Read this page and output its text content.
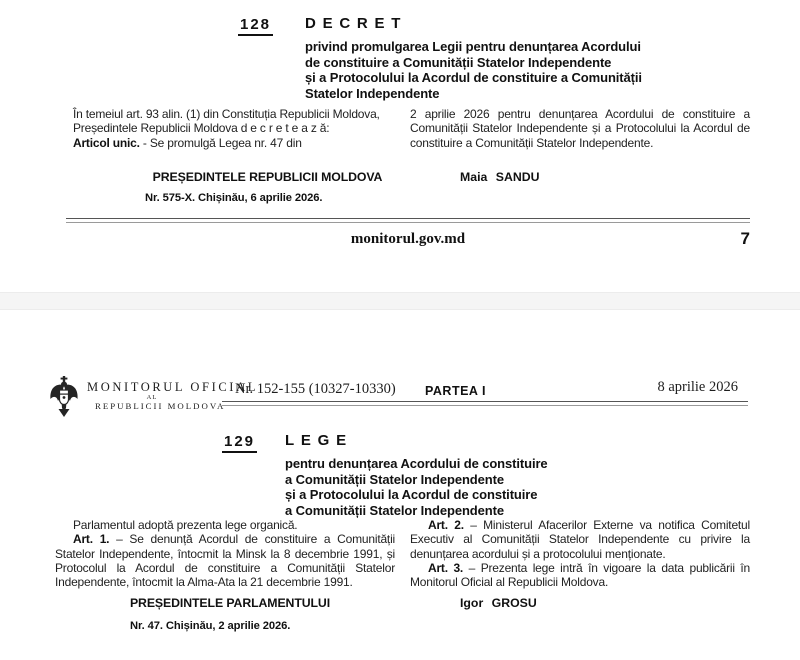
128 DECRET
privind promulgarea Legii pentru denunțarea Acordului
de constituire a Comunității Statelor Independente
și a Protocolului la Acordul de constituire a Comunității
Statelor Independente

În temeiul art. 93 alin. (1) din Constituția Republicii Moldova,

Președintele Republicii Moldova d e c r e t e a z ă:

Articol unic. - Se promulgă Legea nr. 47 din

2 aprilie 2026 pentru denunțarea Acordului de constituire a Comunității Statelor Independente și a Protocolului la Acordul de constituire a Comunității Statelor Independente.

PREȘEDINTELE REPUBLICII MOLDOVA	Maia SANDU
Nr. 575-X. Chișinău, 6 aprilie 2026.
monitorul.gov.md	7
MONITORUL OFICIAL
AL
REPUBLICII MOLDOVA
Nr. 152-155 (10327-10330) PARTEA I	8 aprilie 2026
129 LEGE
pentru denunțarea Acordului de constituire
a Comunității Statelor Independente
și a Protocolului la Acordul de constituire
a Comunității Statelor Independente

Parlamentul adoptă prezenta lege organică.

Art. 1. – Se denunță Acordul de constituire a Comunității Statelor Independente, întocmit la Minsk la 8 decembrie 1991, și Protocolul la Acordul de constituire a Comunității Statelor Independente, întocmit la Alma-Ata la 21 decembrie 1991.

Art. 2. – Ministerul Afacerilor Externe va notifica Comitetul Executiv al Comunității Statelor Independente cu privire la denunțarea acordului și a protocolului menționate.

Art. 3. – Prezenta lege intră în vigoare la data publicării în Monitorul Oficial al Republicii Moldova.

PREȘEDINTELE PARLAMENTULUI	Igor GROSU
Nr. 47. Chișinău, 2 aprilie 2026.
